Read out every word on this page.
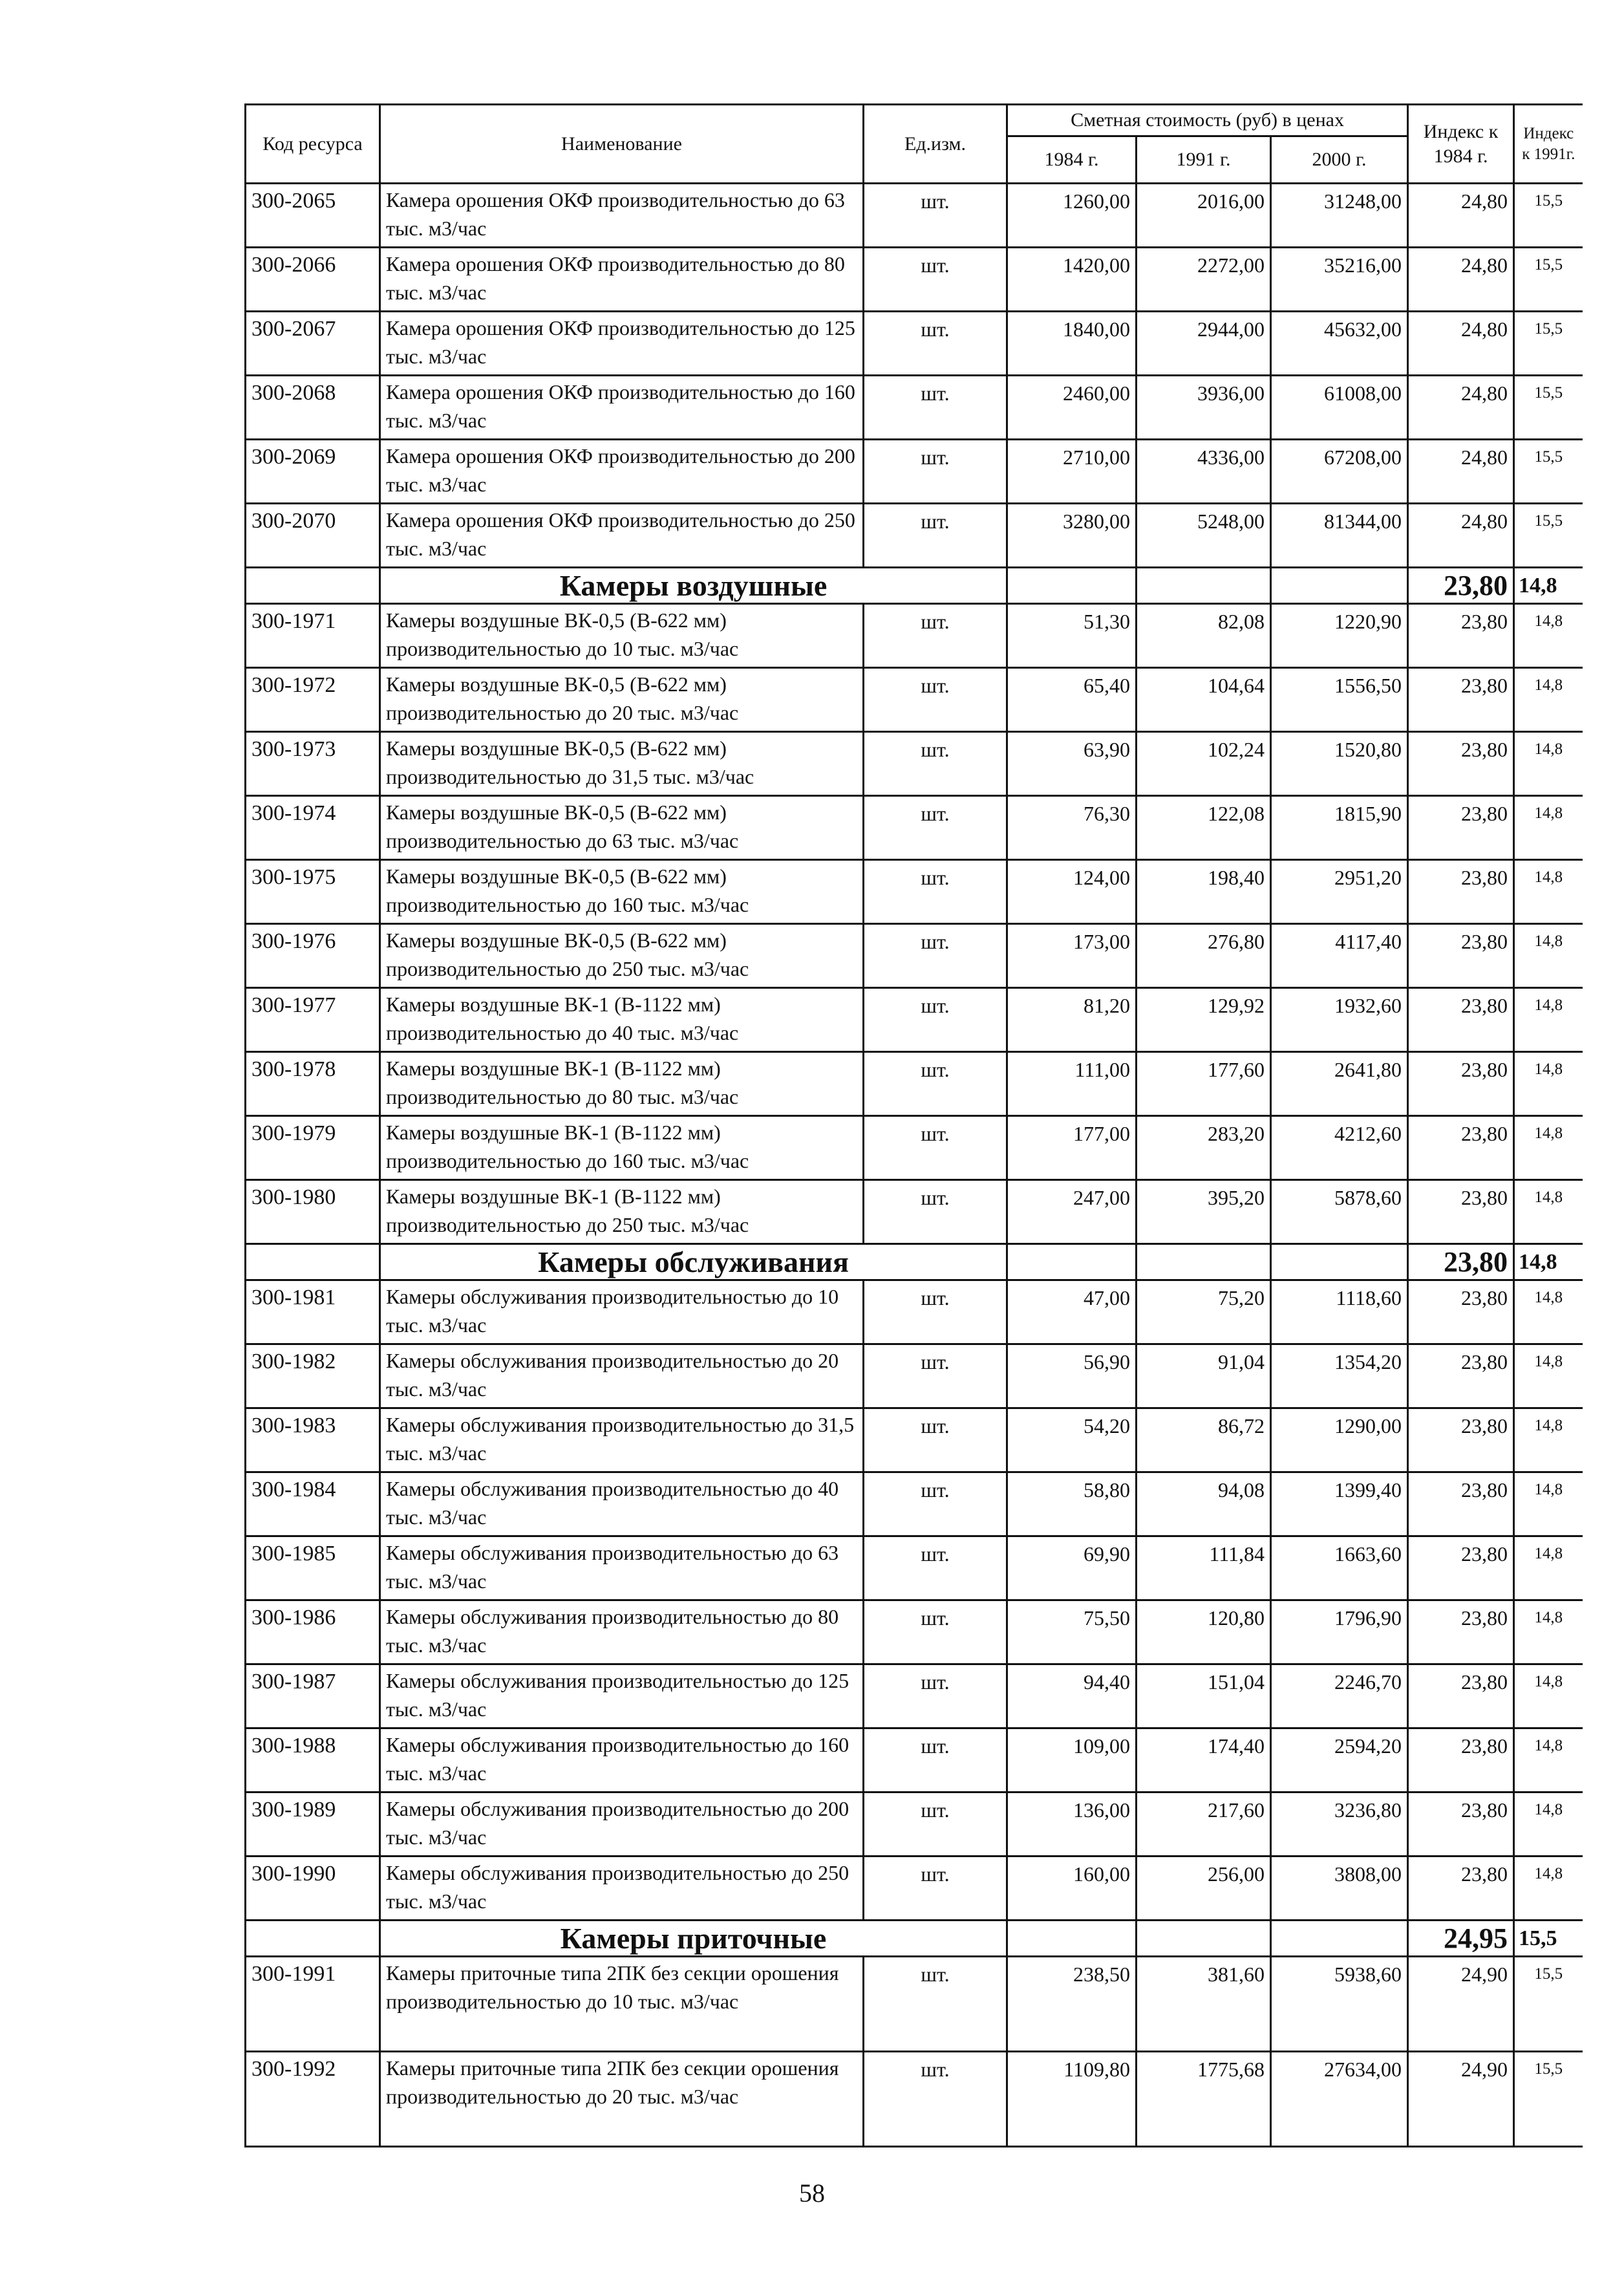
Код ресурса	Наименование	Ед.изм.	Сметная стоимость (руб) в ценах			Индекс к 1984 г.	Индекс к 1991г.
			1984 г.	1991 г.	2000 г.		
300-2065	Камера орошения ОКФ производительностью до 63 тыс. м3/час	шт.	1260,00	2016,00	31248,00	24,80	15,5
300-2066	Камера орошения ОКФ производительностью до 80 тыс. м3/час	шт.	1420,00	2272,00	35216,00	24,80	15,5
300-2067	Камера орошения ОКФ производительностью до 125 тыс. м3/час	шт.	1840,00	2944,00	45632,00	24,80	15,5
300-2068	Камера орошения ОКФ производительностью до 160 тыс. м3/час	шт.	2460,00	3936,00	61008,00	24,80	15,5
300-2069	Камера орошения ОКФ производительностью до 200 тыс. м3/час	шт.	2710,00	4336,00	67208,00	24,80	15,5
300-2070	Камера орошения ОКФ производительностью до 250 тыс. м3/час	шт.	3280,00	5248,00	81344,00	24,80	15,5
	Камеры воздушные					23,80	14,8
300-1971	Камеры воздушные ВК-0,5 (В-622 мм) производительностью до 10 тыс. м3/час	шт.	51,30	82,08	1220,90	23,80	14,8
300-1972	Камеры воздушные ВК-0,5 (В-622 мм) производительностью до 20 тыс. м3/час	шт.	65,40	104,64	1556,50	23,80	14,8
300-1973	Камеры воздушные ВК-0,5 (В-622 мм) производительностью до 31,5 тыс. м3/час	шт.	63,90	102,24	1520,80	23,80	14,8
300-1974	Камеры воздушные ВК-0,5 (В-622 мм) производительностью до 63 тыс. м3/час	шт.	76,30	122,08	1815,90	23,80	14,8
300-1975	Камеры воздушные ВК-0,5 (В-622 мм) производительностью до 160 тыс. м3/час	шт.	124,00	198,40	2951,20	23,80	14,8
300-1976	Камеры воздушные ВК-0,5 (В-622 мм) производительностью до 250 тыс. м3/час	шт.	173,00	276,80	4117,40	23,80	14,8
300-1977	Камеры воздушные ВК-1 (В-1122 мм) производительностью до 40 тыс. м3/час	шт.	81,20	129,92	1932,60	23,80	14,8
300-1978	Камеры воздушные ВК-1 (В-1122 мм) производительностью до 80 тыс. м3/час	шт.	111,00	177,60	2641,80	23,80	14,8
300-1979	Камеры воздушные ВК-1 (В-1122 мм) производительностью до 160 тыс. м3/час	шт.	177,00	283,20	4212,60	23,80	14,8
300-1980	Камеры воздушные ВК-1 (В-1122 мм) производительностью до 250 тыс. м3/час	шт.	247,00	395,20	5878,60	23,80	14,8
	Камеры обслуживания					23,80	14,8
300-1981	Камеры обслуживания производительностью до 10 тыс. м3/час	шт.	47,00	75,20	1118,60	23,80	14,8
300-1982	Камеры обслуживания производительностью до 20 тыс. м3/час	шт.	56,90	91,04	1354,20	23,80	14,8
300-1983	Камеры обслуживания производительностью до 31,5 тыс. м3/час	шт.	54,20	86,72	1290,00	23,80	14,8
300-1984	Камеры обслуживания производительностью до 40 тыс. м3/час	шт.	58,80	94,08	1399,40	23,80	14,8
300-1985	Камеры обслуживания производительностью до 63 тыс. м3/час	шт.	69,90	111,84	1663,60	23,80	14,8
300-1986	Камеры обслуживания производительностью до 80 тыс. м3/час	шт.	75,50	120,80	1796,90	23,80	14,8
300-1987	Камеры обслуживания производительностью до 125 тыс. м3/час	шт.	94,40	151,04	2246,70	23,80	14,8
300-1988	Камеры обслуживания производительностью до 160 тыс. м3/час	шт.	109,00	174,40	2594,20	23,80	14,8
300-1989	Камеры обслуживания производительностью до 200 тыс. м3/час	шт.	136,00	217,60	3236,80	23,80	14,8
300-1990	Камеры обслуживания производительностью до 250 тыс. м3/час	шт.	160,00	256,00	3808,00	23,80	14,8
	Камеры приточные					24,95	15,5
300-1991	Камеры приточные типа 2ПК без секции орошения производительностью до 10 тыс. м3/час	шт.	238,50	381,60	5938,60	24,90	15,5
300-1992	Камеры приточные типа 2ПК без секции орошения производительностью до 20 тыс. м3/час	шт.	1109,80	1775,68	27634,00	24,90	15,5
58
